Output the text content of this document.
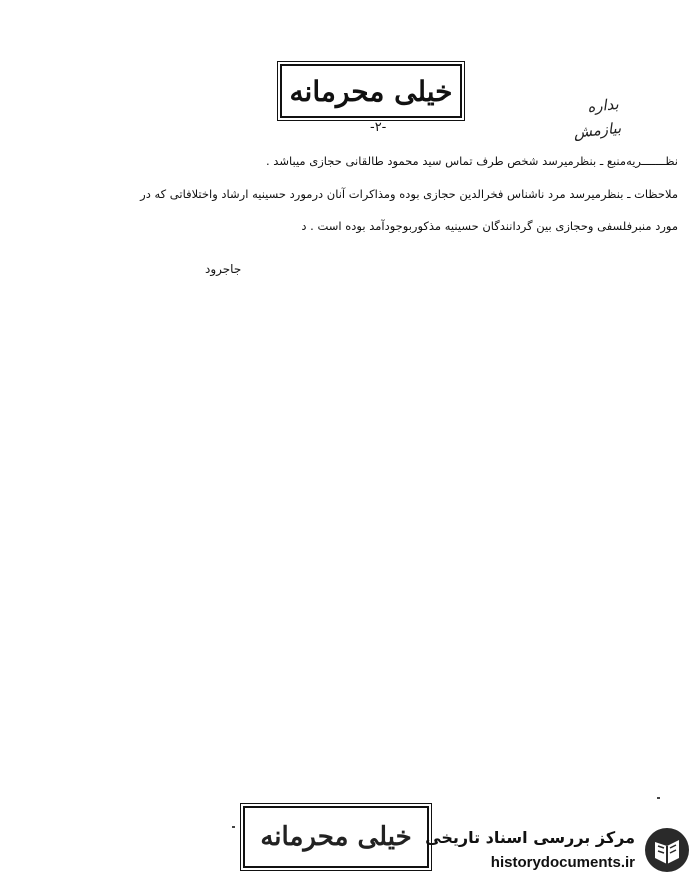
خیلی محرمانه
-۲-
بداره
بیازمش
نظـــــــریه‌منبع ـ بنظرمیرسد شخص طرف تماس سید محمود طالقانی حجازی میباشد .
ملاحظات ـ بنظرمیرسد مرد ناشناس فخرالدین حجازی بوده ومذاکرات آنان درمورد حسینیه ارشاد واختلافاتی که در
مورد منبرفلسفی وحجازی بین گردانندگان حسینیه مذکوربوجودآمد بوده است . د
جاجرود
خیلی محرمانه مرکز بررسی اسناد تاریخی
historydocuments.ir
